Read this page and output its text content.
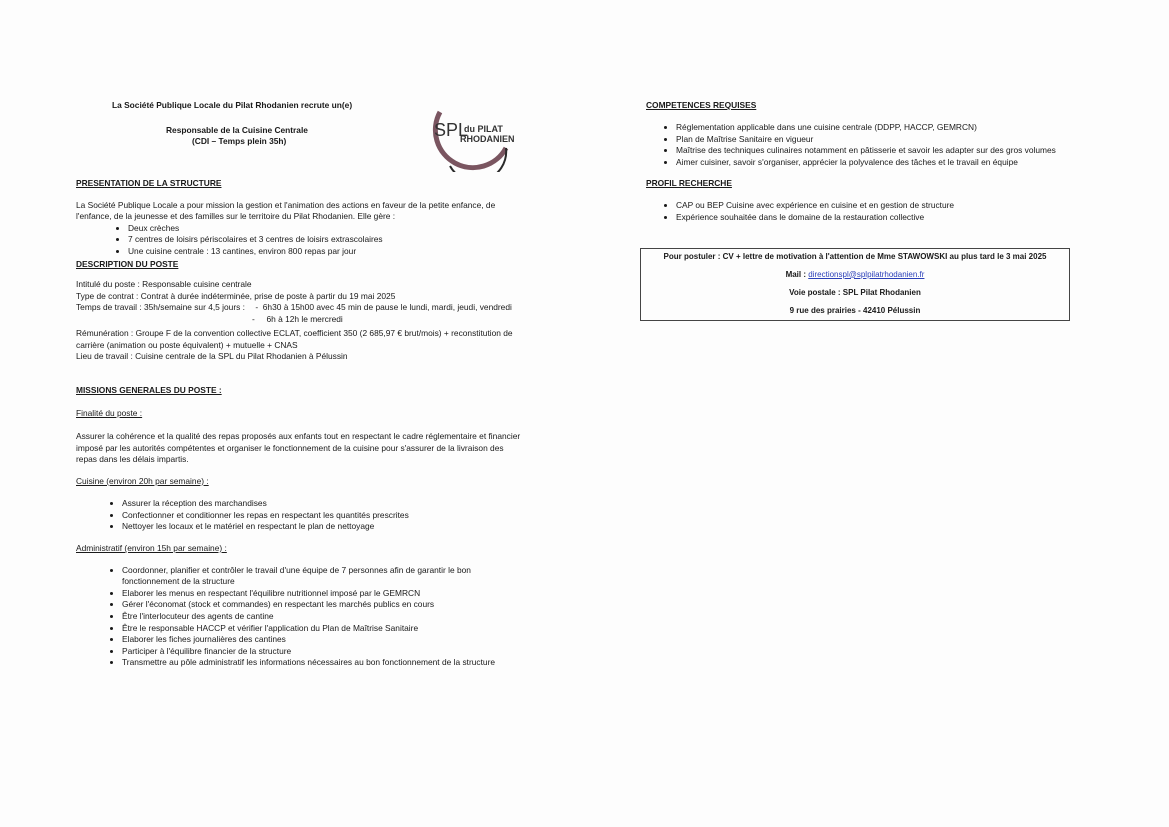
SPL
du PILAT
RHODANIEN

La Société Publique Locale du Pilat Rhodanien recrute un(e)

Responsable de la Cuisine Centrale

(CDI – Temps plein 35h)

PRESENTATION DE LA STRUCTURE

La Société Publique Locale a pour mission la gestion et l'animation des actions en faveur de la petite enfance, de l'enfance, de la jeunesse et des familles sur le territoire du Pilat Rhodanien. Elle gère :

• Deux crèches
• 7 centres de loisirs périscolaires et 3 centres de loisirs extrascolaires
• Une cuisine centrale : 13 cantines, environ 800 repas par jour

DESCRIPTION DU POSTE

Intitulé du poste : Responsable cuisine centrale

Type de contrat : Contrat à durée indéterminée, prise de poste à partir du 19 mai 2025

Temps de travail : 35h/semaine sur 4,5 jours : -  6h30 à 15h00 avec 45 min de pause le lundi, mardi, jeudi, vendredi

-     6h à 12h le mercredi

Rémunération : Groupe F de la convention collective ECLAT, coefficient 350 (2 685,97 € brut/mois) + reconstitution de carrière (animation ou poste équivalent) + mutuelle + CNAS

Lieu de travail : Cuisine centrale de la SPL du Pilat Rhodanien à Pélussin

MISSIONS GENERALES DU POSTE :

Finalité du poste :

Assurer la cohérence et la qualité des repas proposés aux enfants tout en respectant le cadre réglementaire et financier imposé par les autorités compétentes et organiser le fonctionnement de la cuisine pour s'assurer de la livraison des repas dans les délais impartis.

Cuisine (environ 20h par semaine) :

• Assurer la réception des marchandises
• Confectionner et conditionner les repas en respectant les quantités prescrites
• Nettoyer les locaux et le matériel en respectant le plan de nettoyage

Administratif (environ 15h par semaine) :

• Coordonner, planifier et contrôler le travail d'une équipe de 7 personnes afin de garantir le bon fonctionnement de la structure
• Elaborer les menus en respectant l'équilibre nutritionnel imposé par le GEMRCN
• Gérer l'économat (stock et commandes) en respectant les marchés publics en cours
• Être l'interlocuteur des agents de cantine
• Être le responsable HACCP et vérifier l'application du Plan de Maîtrise Sanitaire
• Elaborer les fiches journalières des cantines
• Participer à l'équilibre financier de la structure
• Transmettre au pôle administratif les informations nécessaires au bon fonctionnement de la structure

COMPETENCES REQUISES

• Réglementation applicable dans une cuisine centrale (DDPP, HACCP, GEMRCN)
• Plan de Maîtrise Sanitaire en vigueur
• Maîtrise des techniques culinaires notamment en pâtisserie et savoir les adapter sur des gros volumes
• Aimer cuisiner, savoir s'organiser, apprécier la polyvalence des tâches et le travail en équipe

PROFIL RECHERCHE

• CAP ou BEP Cuisine avec expérience en cuisine et en gestion de structure
• Expérience souhaitée dans le domaine de la restauration collective

Pour postuler : CV + lettre de motivation à l'attention de Mme STAWOWSKI au plus tard le 3 mai 2025

Mail : directionspl@splpilatrhodanien.fr

Voie postale : SPL Pilat Rhodanien

9 rue des prairies - 42410 Pélussin
